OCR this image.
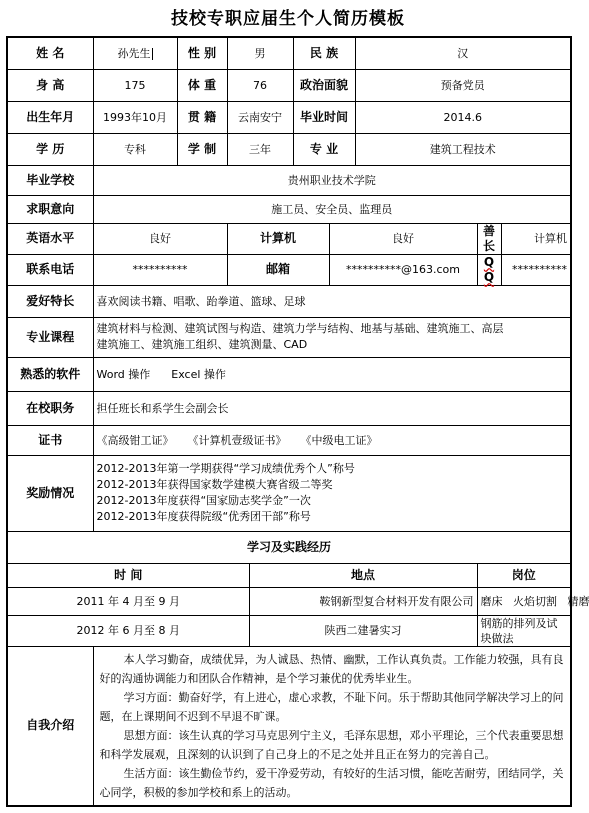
技校专职应届生个人简历模板
姓 名	孙先生	性 别	男		民 族		汉		
身 高	175	体 重	76		政治面貌		预备党员		
出生年月	1993年10月	贯 籍	云南安宁		毕业时间		2014.6		
学 历	专科	学 制	三年		专 业		建筑工程技术		
毕业学校	贵州职业技术学院								
求职意向	施工员、安全员、监理员								
英语水平	良好		计算机			良好		善长	计算机
联系电话	**********		邮箱			**********@163.com		Q Q	**********
爱好特长	喜欢阅读书籍、唱歌、跆拳道、篮球、足球								
专业课程	建筑材料与检测、建筑试图与构造、建筑力学与结构、地基与基础、建筑施工、高层
建筑施工、建筑施工组织、建筑测量、CAD								

熟悉的软件	Word 操作      Excel 操作								
在校职务	担任班长和系学生会副会长								
证书	《高级钳工证》    《计算机壹级证书》    《中级电工证》								
奖励情况	2012-2013年第一学期获得“学习成绩优秀个人”称号
2012-2013年获得国家数学建模大赛省级二等奖
2012-2013年度获得“国家励志奖学金”一次
2012-2013年度获得院级“优秀团干部”称号								

学习及实践经历									
时 间				地点				岗位	
2011 年 4 月至 9 月				鞍钢新型复合材料开发有限公司				磨床   火焰切割   精磨	
2012 年 6 月至 8 月				陕西二建暑实习				钢筋的排列及试块做法	
自我介绍	本人学习勤奋，成绩优异，为人诚恳、热情、幽默，工作认真负责。工作能力较强，具有良好的沟通协调能力和团队合作精神，是个学习兼优的优秀毕业生。

学习方面：勤奋好学，有上进心，虚心求教，不耻下问。乐于帮助其他同学解决学习上的问题，在上课期间不迟到不早退不旷课。

思想方面：该生认真的学习马克思列宁主义，毛泽东思想，邓小平理论，三个代表重要思想和科学发展观，且深刻的认识到了自己身上的不足之处并且正在努力的完善自己。

生活方面：该生勤俭节约，爱干净爱劳动，有较好的生活习惯，能吃苦耐劳，团结同学，关心同学，积极的参加学校和系上的活动。								
